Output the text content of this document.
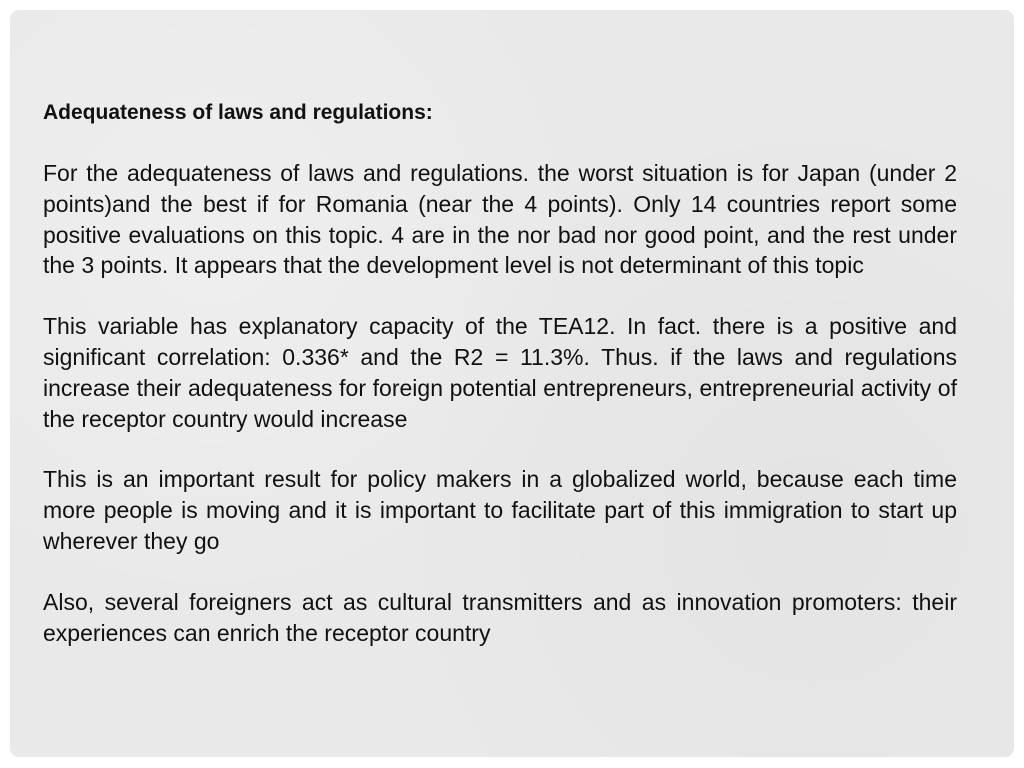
Adequateness of laws and regulations:

For the adequateness of laws and regulations. the worst situation is for Japan (under 2 points)and the best if for Romania (near the 4 points). Only 14 countries report some positive evaluations on this topic. 4 are in the nor bad nor good point, and the rest under the 3 points. It appears that the development level is not determinant of this topic

This variable has explanatory capacity of the TEA12. In fact. there is a positive and significant correlation: 0.336* and the R2 = 11.3%. Thus. if the laws and regulations increase their adequateness for foreign potential entrepreneurs, entrepreneurial activity of the receptor country would increase

This is an important result for policy makers in a globalized world, because each time more people is moving and it is important to facilitate part of this immigration to start up wherever they go

Also, several foreigners act as cultural transmitters and as innovation promoters: their experiences can enrich the receptor country
